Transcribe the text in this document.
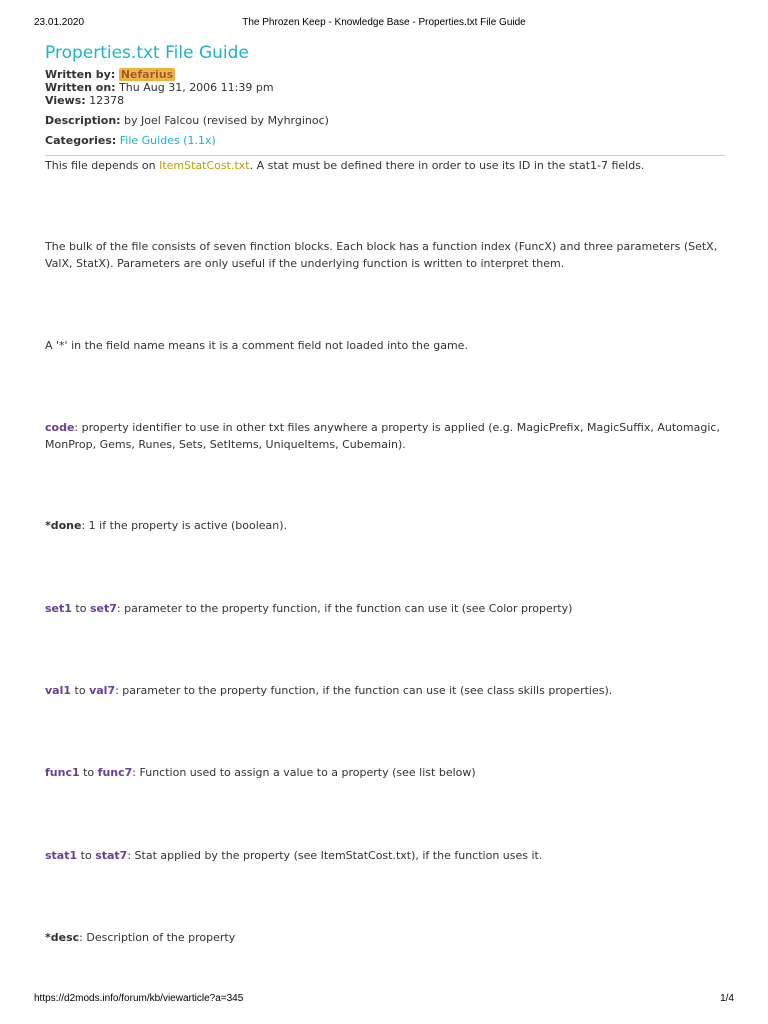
23.01.2020	The Phrozen Keep - Knowledge Base - Properties.txt File Guide
Properties.txt File Guide
Written by: Nefarius
Written on: Thu Aug 31, 2006 11:39 pm
Views: 12378
Description: by Joel Falcou (revised by Myhrginoc)
Categories: File Guides (1.1x)
This file depends on ItemStatCost.txt. A stat must be defined there in order to use its ID in the stat1-7 fields.
The bulk of the file consists of seven finction blocks. Each block has a function index (FuncX) and three parameters (SetX, ValX, StatX). Parameters are only useful if the underlying function is written to interpret them.
A '*' in the field name means it is a comment field not loaded into the game.
code: property identifier to use in other txt files anywhere a property is applied (e.g. MagicPrefix, MagicSuffix, Automagic, MonProp, Gems, Runes, Sets, SetItems, UniqueItems, Cubemain).
*done: 1 if the property is active (boolean).
set1 to set7: parameter to the property function, if the function can use it (see Color property)
val1 to val7: parameter to the property function, if the function can use it (see class skills properties).
func1 to func7: Function used to assign a value to a property (see list below)
stat1 to stat7: Stat applied by the property (see ItemStatCost.txt), if the function uses it.
*desc: Description of the property
https://d2mods.info/forum/kb/viewarticle?a=345	1/4
